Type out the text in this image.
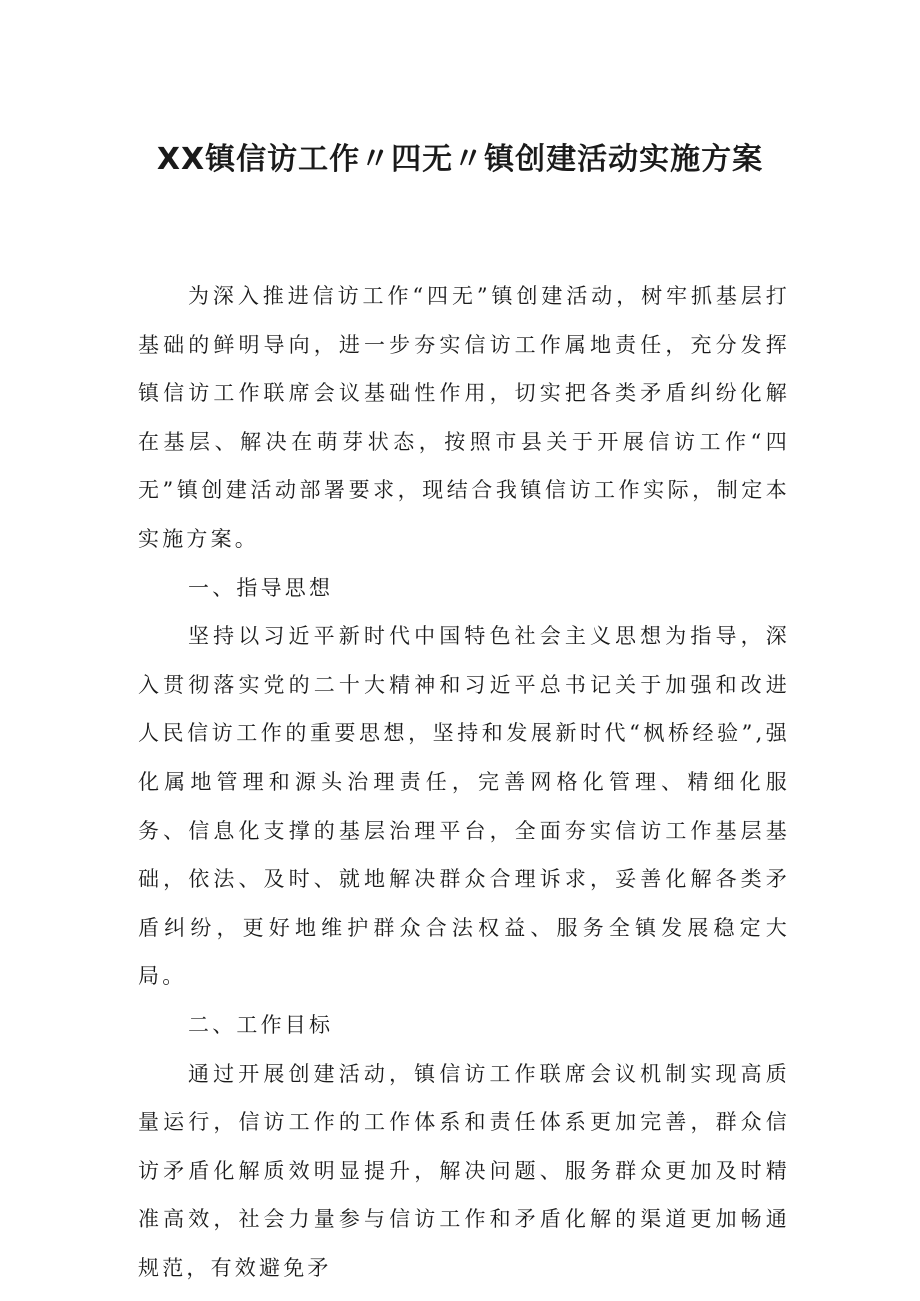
XX镇信访工作〃四无〃镇创建活动实施方案

为深入推进信访工作“四无”镇创建活动，树牢抓基层打基础的鲜明导向，进一步夯实信访工作属地责任，充分发挥镇信访工作联席会议基础性作用，切实把各类矛盾纠纷化解在基层、解决在萌芽状态，按照市县关于开展信访工作“四无”镇创建活动部署要求，现结合我镇信访工作实际，制定本实施方案。

一、指导思想

坚持以习近平新时代中国特色社会主义思想为指导，深入贯彻落实党的二十大精神和习近平总书记关于加强和改进人民信访工作的重要思想，坚持和发展新时代“枫桥经验”,强化属地管理和源头治理责任，完善网格化管理、精细化服务、信息化支撑的基层治理平台，全面夯实信访工作基层基础，依法、及时、就地解决群众合理诉求，妥善化解各类矛盾纠纷，更好地维护群众合法权益、服务全镇发展稳定大局。

二、工作目标

通过开展创建活动，镇信访工作联席会议机制实现高质量运行，信访工作的工作体系和责任体系更加完善，群众信访矛盾化解质效明显提升，解决问题、服务群众更加及时精准高效，社会力量参与信访工作和矛盾化解的渠道更加畅通规范，有效避免矛
